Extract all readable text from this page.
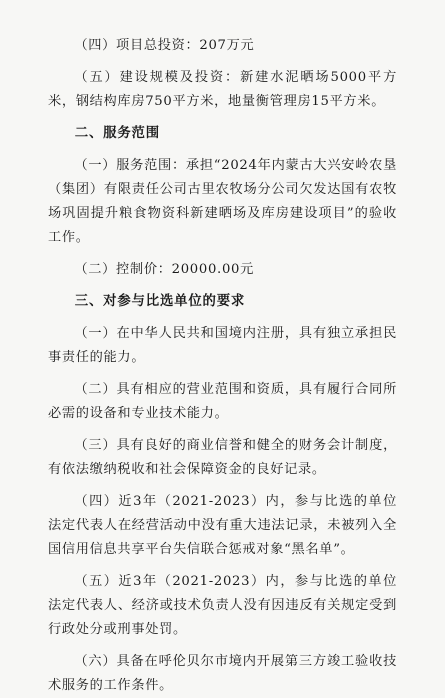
（四）项目总投资：207万元

（五）建设规模及投资：新建水泥晒场5000平方米，钢结构库房750平方米，地量衡管理房15平方米。

二、服务范围

（一）服务范围：承担“2024年内蒙古大兴安岭农垦（集团）有限责任公司古里农牧场分公司欠发达国有农牧场巩固提升粮食物资科新建晒场及库房建设项目”的验收工作。

（二）控制价：20000.00元

三、对参与比选单位的要求

（一）在中华人民共和国境内注册，具有独立承担民事责任的能力。

（二）具有相应的营业范围和资质，具有履行合同所必需的设备和专业技术能力。

（三）具有良好的商业信誉和健全的财务会计制度，有依法缴纳税收和社会保障资金的良好记录。

（四）近3年（2021-2023）内，参与比选的单位法定代表人在经营活动中没有重大违法记录，未被列入全国信用信息共享平台失信联合惩戒对象“黑名单”。

（五）近3年（2021-2023）内，参与比选的单位法定代表人、经济或技术负责人没有因违反有关规定受到行政处分或刑事处罚。

（六）具备在呼伦贝尔市境内开展第三方竣工验收技术服务的工作条件。
